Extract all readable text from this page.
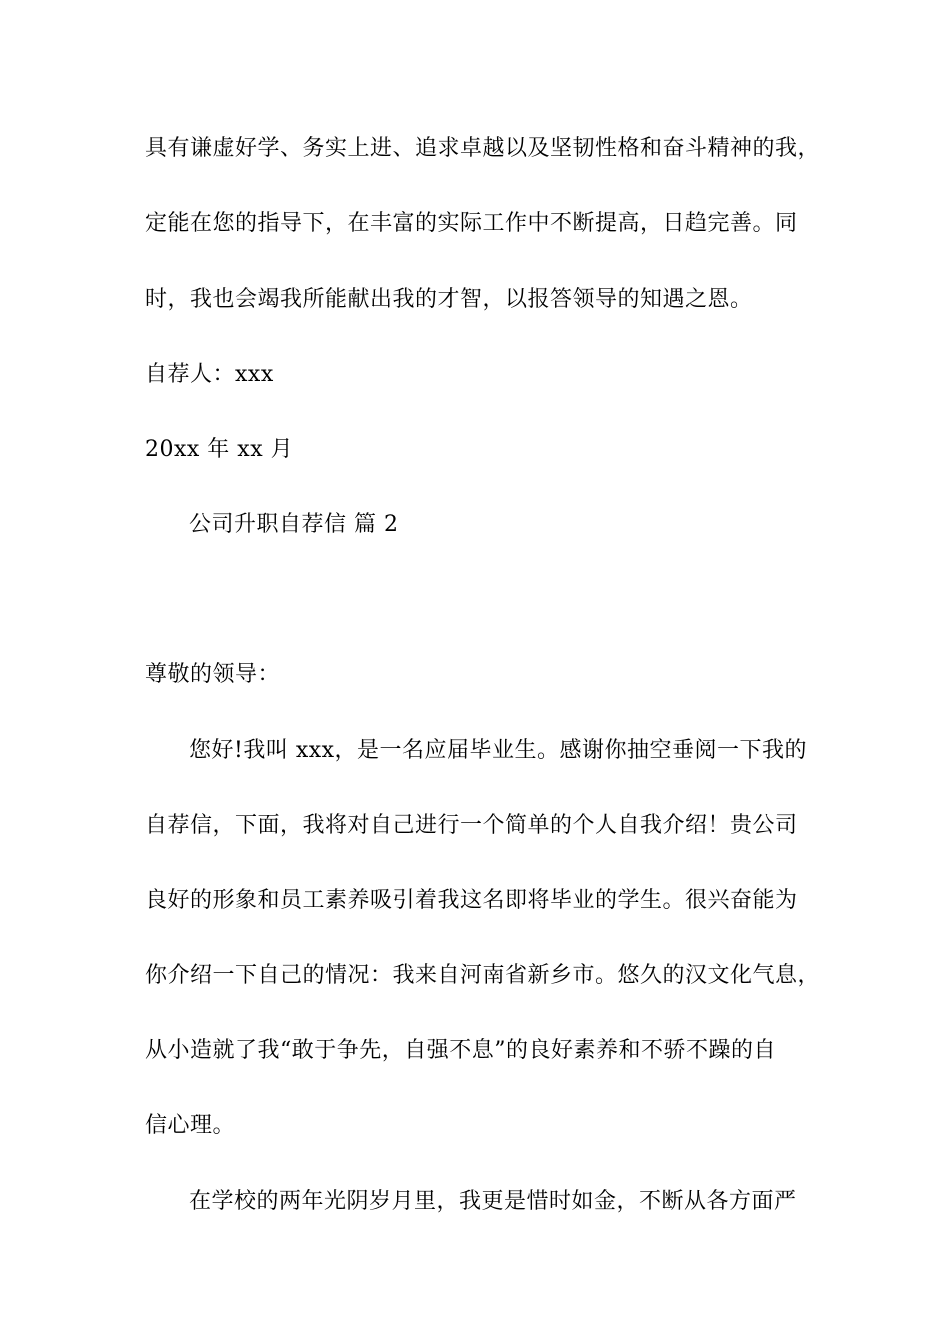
具有谦虚好学、务实上进、追求卓越以及坚韧性格和奋斗精神的我，
定能在您的指导下，在丰富的实际工作中不断提高，日趋完善。同
时，我也会竭我所能献出我的才智，以报答领导的知遇之恩。
自荐人：xxx
20xx 年 xx 月
公司升职自荐信 篇 2
尊敬的领导：
您好!我叫 xxx，是一名应届毕业生。感谢你抽空垂阅一下我的
自荐信，下面，我将对自己进行一个简单的个人自我介绍！贵公司
良好的形象和员工素养吸引着我这名即将毕业的学生。很兴奋能为
你介绍一下自己的情况：我来自河南省新乡市。悠久的汉文化气息，
从小造就了我“敢于争先，自强不息”的良好素养和不骄不躁的自
信心理。
在学校的两年光阴岁月里，我更是惜时如金，不断从各方面严
